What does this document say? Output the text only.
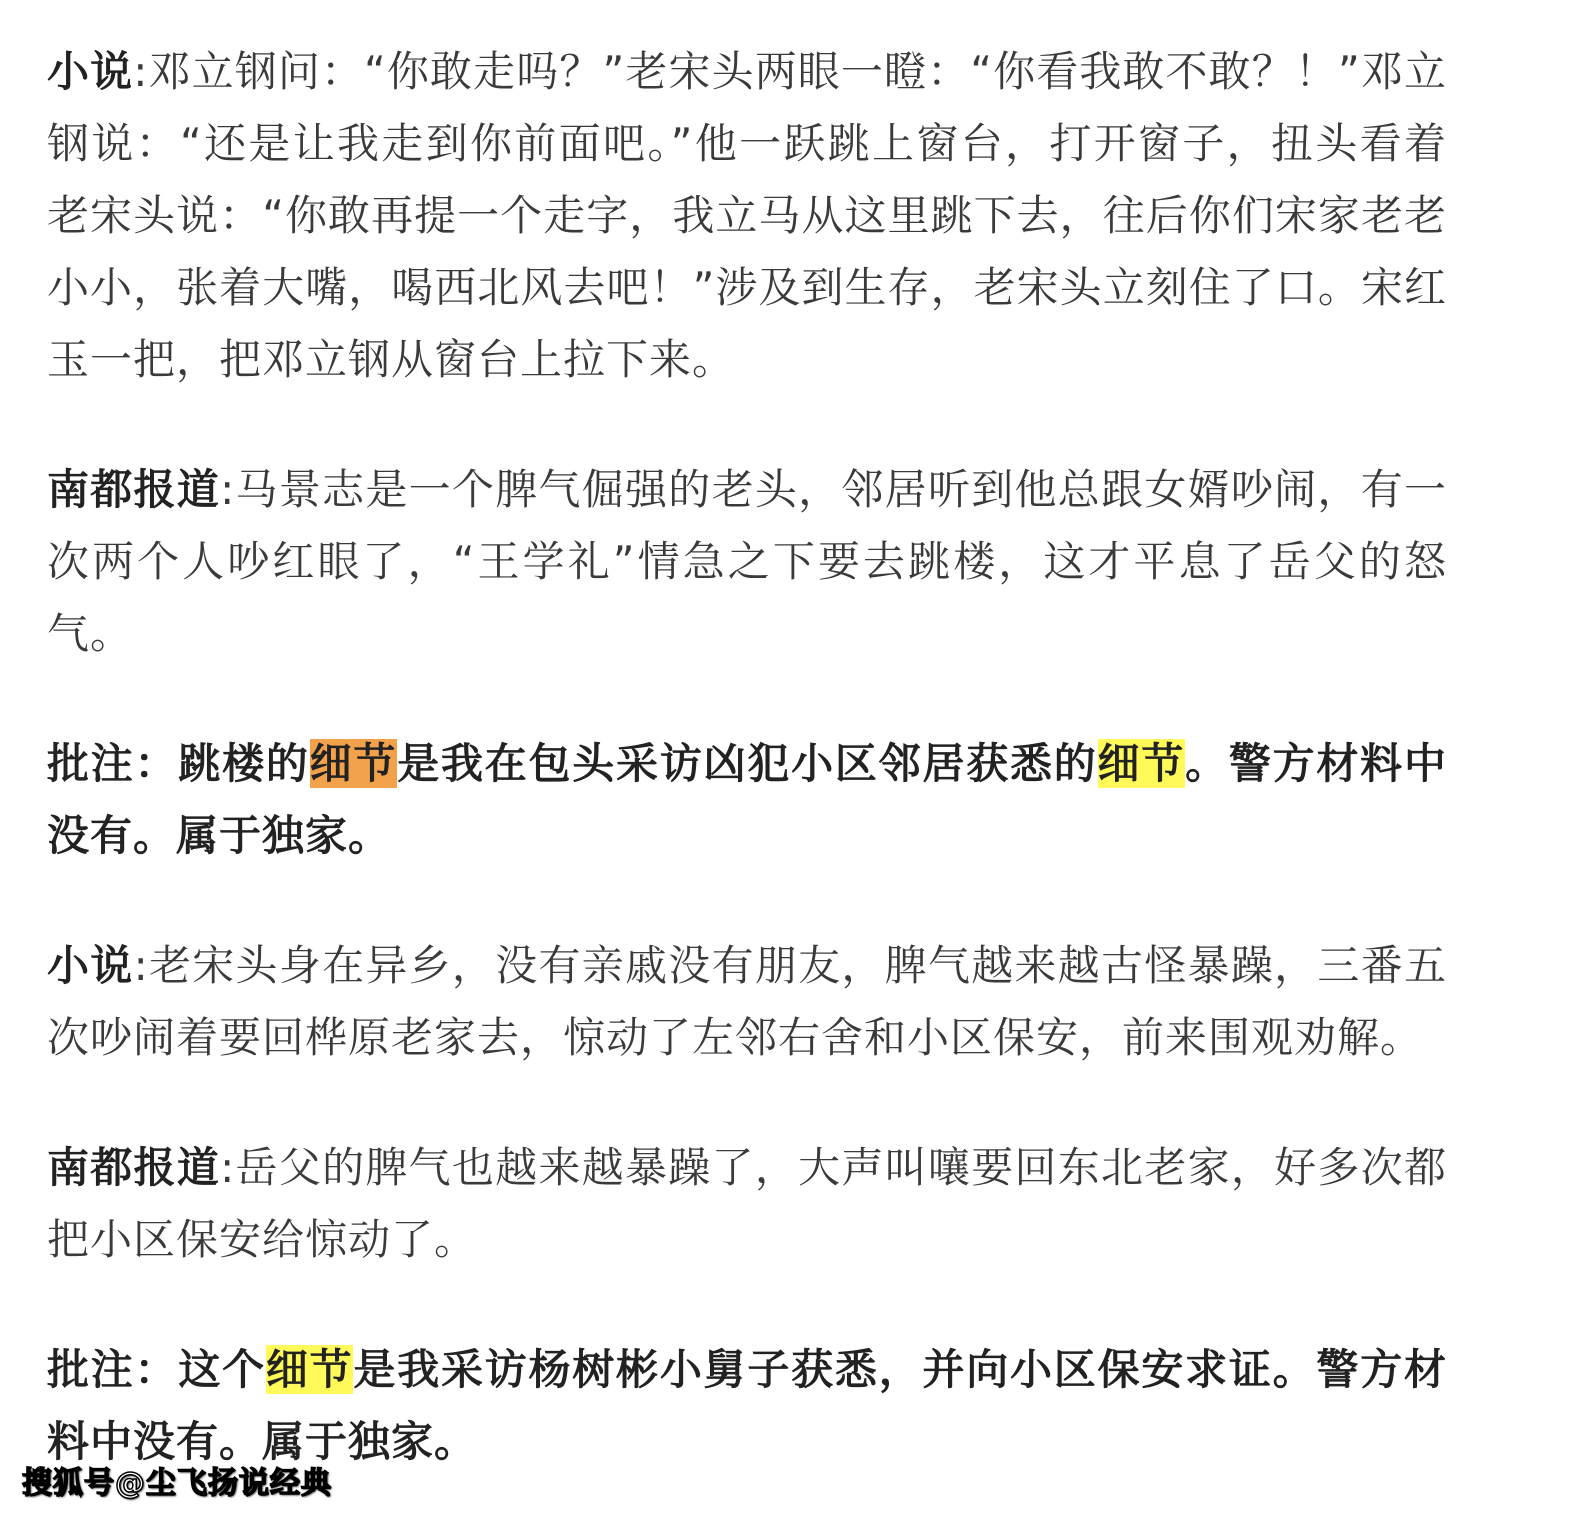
小说:邓立钢问：“你敢走吗？”老宋头两眼一瞪：“你看我敢不敢？！”邓立钢说：“还是让我走到你前面吧。”他一跃跳上窗台，打开窗子，扭头看着老宋头说：“你敢再提一个走字，我立马从这里跳下去，往后你们宋家老老小小，张着大嘴，喝西北风去吧！”涉及到生存，老宋头立刻住了口。宋红玉一把，把邓立钢从窗台上拉下来。

南都报道:马景志是一个脾气倔强的老头，邻居听到他总跟女婿吵闹，有一次两个人吵红眼了，“王学礼”情急之下要去跳楼，这才平息了岳父的怒气。

批注：跳楼的细节是我在包头采访凶犯小区邻居获悉的细节。警方材料中没有。属于独家。

小说:老宋头身在异乡，没有亲戚没有朋友，脾气越来越古怪暴躁，三番五次吵闹着要回桦原老家去，惊动了左邻右舍和小区保安，前来围观劝解。

南都报道:岳父的脾气也越来越暴躁了，大声叫嚷要回东北老家，好多次都把小区保安给惊动了。

批注：这个细节是我采访杨树彬小舅子获悉，并向小区保安求证。警方材料中没有。属于独家。

搜狐号@尘飞扬说经典
